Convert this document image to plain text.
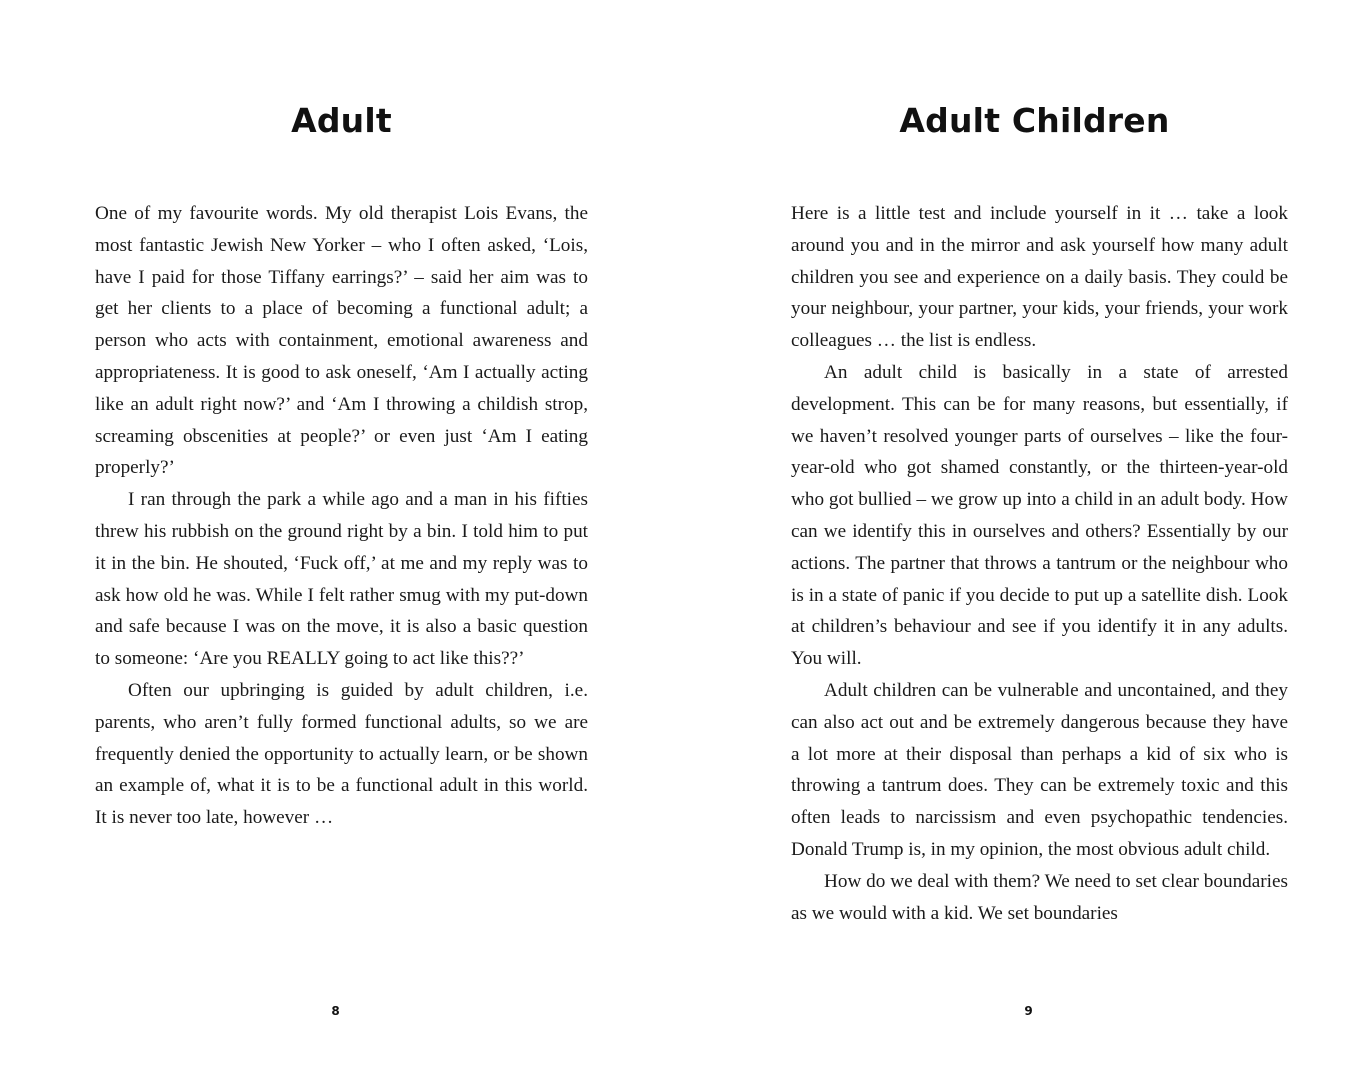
Adult

One of my favourite words. My old therapist Lois Evans, the most fantastic Jewish New Yorker – who I often asked, ‘Lois, have I paid for those Tiffany earrings?’ – said her aim was to get her clients to a place of becoming a functional adult; a person who acts with containment, emotional awareness and appropriateness. It is good to ask oneself, ‘Am I actually acting like an adult right now?’ and ‘Am I throwing a childish strop, screaming obscenities at people?’ or even just ‘Am I eating properly?’

I ran through the park a while ago and a man in his fifties threw his rubbish on the ground right by a bin. I told him to put it in the bin. He shouted, ‘Fuck off,’ at me and my reply was to ask how old he was. While I felt rather smug with my put-down and safe because I was on the move, it is also a basic question to someone: ‘Are you REALLY going to act like this??’

Often our upbringing is guided by adult children, i.e. parents, who aren’t fully formed functional adults, so we are frequently denied the opportunity to actually learn, or be shown an example of, what it is to be a functional adult in this world. It is never too late, however …

8
Adult Children

Here is a little test and include yourself in it … take a look around you and in the mirror and ask yourself how many adult children you see and experience on a daily basis. They could be your neighbour, your partner, your kids, your friends, your work colleagues … the list is endless.

An adult child is basically in a state of arrested development. This can be for many reasons, but essentially, if we haven’t resolved younger parts of ourselves – like the four-year-old who got shamed constantly, or the thirteen-year-old who got bullied – we grow up into a child in an adult body. How can we identify this in ourselves and others? Essentially by our actions. The partner that throws a tantrum or the neighbour who is in a state of panic if you decide to put up a satellite dish. Look at children’s behaviour and see if you identify it in any adults. You will.

Adult children can be vulnerable and uncontained, and they can also act out and be extremely dangerous because they have a lot more at their disposal than perhaps a kid of six who is throwing a tantrum does. They can be extremely toxic and this often leads to narcissism and even psychopathic tendencies. Donald Trump is, in my opinion, the most obvious adult child.

How do we deal with them? We need to set clear boundaries as we would with a kid. We set boundaries

9
